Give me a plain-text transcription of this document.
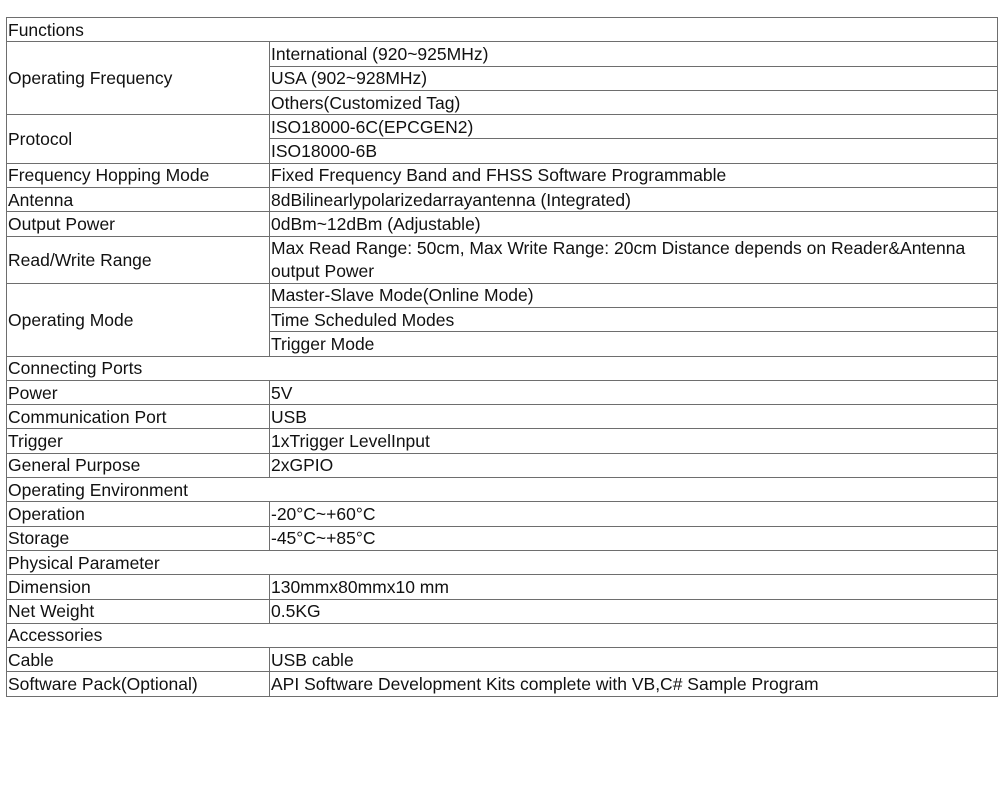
Functions	
Operating Frequency	International (920~925MHz)
	USA (902~928MHz)
	Others(Customized Tag)
Protocol	ISO18000-6C(EPCGEN2)
	ISO18000-6B
Frequency Hopping Mode	Fixed Frequency Band and FHSS Software Programmable
Antenna	8dBilinearlypolarizedarrayantenna (Integrated)
Output Power	0dBm~12dBm (Adjustable)
Read/Write Range	Max Read Range: 50cm, Max Write Range: 20cm Distance depends on Reader&Antenna output Power
Operating Mode	Master-Slave Mode(Online Mode)
	Time Scheduled Modes
	Trigger Mode
Connecting Ports	
Power	5V
Communication Port	USB
Trigger	1xTrigger LevelInput
General Purpose	2xGPIO
Operating Environment	
Operation	-20°C~+60°C
Storage	-45°C~+85°C
Physical Parameter	
Dimension	130mmx80mmx10 mm
Net Weight	0.5KG
Accessories	
Cable	USB cable
Software Pack(Optional)	API Software Development Kits complete with VB,C# Sample Program
